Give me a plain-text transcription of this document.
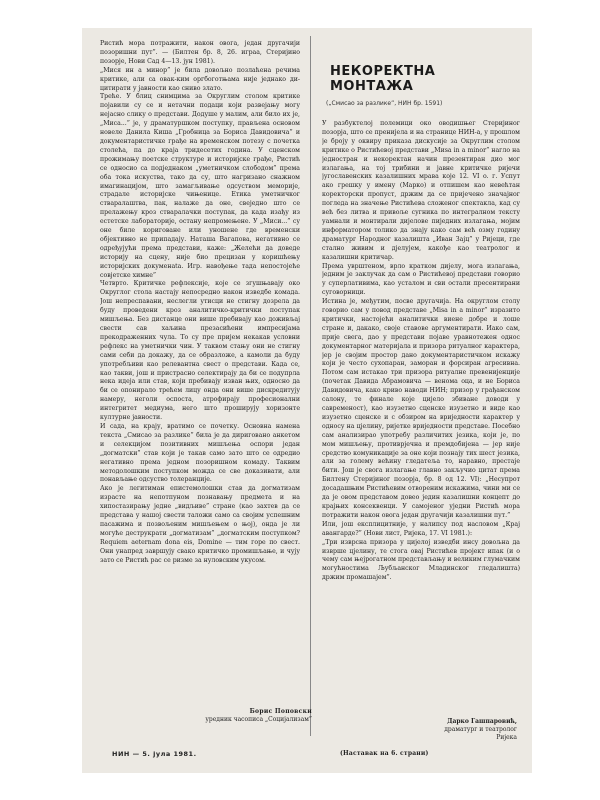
Ристић мора потражити, након овога, један другачији позоришни пут”. — (Билтен бр. 8, 26. играа, Стеријино позорје, Нови Сад 4—13. јун 1981).
„Мися ин а минор” је била довољно позлаћена речима критике, али са овак-ким оргбоготњама није једнако ди-цитирати у јавности као сниво злато.
Треће. У блиц снимцима за Округлим столом критике појавили су се и нетачни подаци који развејању могу нејасно слику о представи. Додуше у малим, али било их је, „Миса...” је, у драматуршком поступку, прављена основом новеле Данила Киша „Гробница за Бориса Давидовича” и документаристичке грађе на временском потезу с почетка столећа, па до краја тридесетих година. У сценском прожимању поетске структуре и историјске грађе, Ристић се односио са подједнаком „уметничком слободом” према оба тока искуства, тако да су, што нагризано снажном имагинацијом, што замагљивање одсуством меморије, страдале историјске чињенице. Етика уметничког стваралаштва, пак, налаже да оне, свеједно што се прелажењу кроз стваралачки поступак, да када изађу из естетске лабораторије, остану непромењене. У „Миси...” су оне биле кориговане или уношене где временски објективно не припадају. Наташа Вагапова, негативно се одређујући према представи, каже: „Желећи да доведе историју на сцену, није био прецизан у коришћењу историјских докуменаta. Игр. навођење тада непостојеће совјетске химне”
Четврто. Критичке рефлексије, које се згушњавају око Округлог стола настају непосредно након изведбе комада. Још непреспавани, неслегли утисци не стигну дозрела да буду проведени кроз аналитичко-критички поступак мишљења. Без дистанце они више пребивају као доживљај свести сав хаљина презасићени импресијама прекодраженних чула. То су пре пријем некакав условни рефлекс на уметнички чин. У таквом стању они не стигну сами себи да докажу, да се образложе, а камоли да буду употребљиви као релевантна свест о представи. Када се, као такви, још и пристрасно селектирају да би се подупрла нека идеја или став, који пребивају изван њих, односно да би се опонирало трећем лицу онда они више дискредитују намеру, неголи оспоста, атрофирају професионални интегритет медиума, него што проширују хоризонте културне јавности.
И сада, на крају, вратимо се почетку. Основна намена текста „Смисао за разлике” била је да дириговано анкетом и селекцијом позитивних мишљења оспори један „догматски” став који је такав само зато што се одредио негативно према једном позоришном комаду. Таквим методолошким поступком можда се све доказивати, али понављање одсуство толеранције.
Ако је легитиман епистемолошки став да догматизам израсте на непотпуном познавању предмета и на хипостазирању једне „видљиве” стране (као захтев да се представа у нашој свести таложи само са својим успешним пасажима и позвољеним мишљењем о њој), онда је ли могуће деструкрати „догматизам” „догматским поступком? Requiem aeternam dona eis, Domine — тим горе по свест. Они унапред завршују свако критичко промишљање, и чују зато се Ристић рас се ризме за нуловским укусом.
НЕКОРЕКТНА
МОНТАЖА
(„Смисао за разлике”, НИН бр. 1591)
У разбуктелој полемици око оводишњег Стеријиног позорја, што се пренијела и на странице НИН-а, у прошлом је броју у оквиру приказа дискусије за Округлим столом критике о Ристићевој представи „Миsa in a minor” нагло на једностран и некоректан начин презентиран дио мог излагања, на тој трибини и јавне критичке ријечи југославенских казалишних мрава које 12. VI o. г. Успут ако грешку у имену (Марко) и отпишем као невећтан коректорски пропуст, држим да се пријечено значајног погледа на значење Ристићева сложеног спектакла, кад су већ без литва и привоље сугника по интегралном тексту уамнали и монтирали дијелове пиједних излагања, мојим информатором толико да знају како сам већ озму годину драматург Народног казалишта „Иван Зајц” у Ријеци, где стално живим и дјелујем, какође као театролог и казалишни критичар.
Према уврштеном, врло кратком дијелу, мога излагања, једним је заклучак да сам о Ристићевој представи говорио у суперлативима, као усталом и сви остали пресентирани суговорници.
Истина је, међутим, посве другачија. На округлом столу говорио сам у повод представе „Misa in a minor” изразито критички, настојећи аналитички виене добре и лоше стране и, дакако, своје ставове аргументирати. Иако сам, прије свега, дао у представи појаве уравнотежен однос документарног материјала и призора ритуалног карактера, јер је својим простор дано документаристичком искажу који је често сухопаран, заморан и форсиран агресивна. Потом сам истакао три призора ритуалне превенијенције (почетак Давида Абрамовича — венома оца, и не Бориса Давидовича, како криво наводи НИН; призор у грађанском салону, те финале које цијело збиване доводи у савременост), као изузетно сценске изузетно и виде као изузетно сценске и с обзиром на вриједности карактер у односу на цјелину, ријетке вриједности представе. Посебно сам анализирао употребу различитих језика, који је, по мом мишљењу, противрјечна и премдобијена — јер није средство комуникације за оне који познају тих шест језика, али за голему већину гледатеља то, наравно, престаје бити. Још је свога излагање главно закључио цитат према Билтену Стеријиног позорја, бр. 8 од 12. VI): „Несупрот досадашњим Ристићевим отвореним искажима, чини ми се да је овом представом довео једин казалишни концепт до крајњих консеквенци. У самојеног уједни Ристић мора потражити након овога један другачији казалишни пут.”
Или, још експлицитније, у налипсу под насловом „Крај авангарде?” (Нови лист, Ријека, 17. VI 1981.):
„Три изврсна призора у цијелој изведби инсу довољна да изврше цјелину, те стога овај Ристићев пројект ипак (и о чему сам њејрогатном представљању и великим глумачким могућностима Љубљанског Младинског гледалишта) држим промашајем”.
Борис Поповски
уредник часописа „Социјализам”	Дарко Гашпаровић,
драматург и театролог
Ријека
(Наставак на 6. страни)
НИН — 5. јула 1981.
